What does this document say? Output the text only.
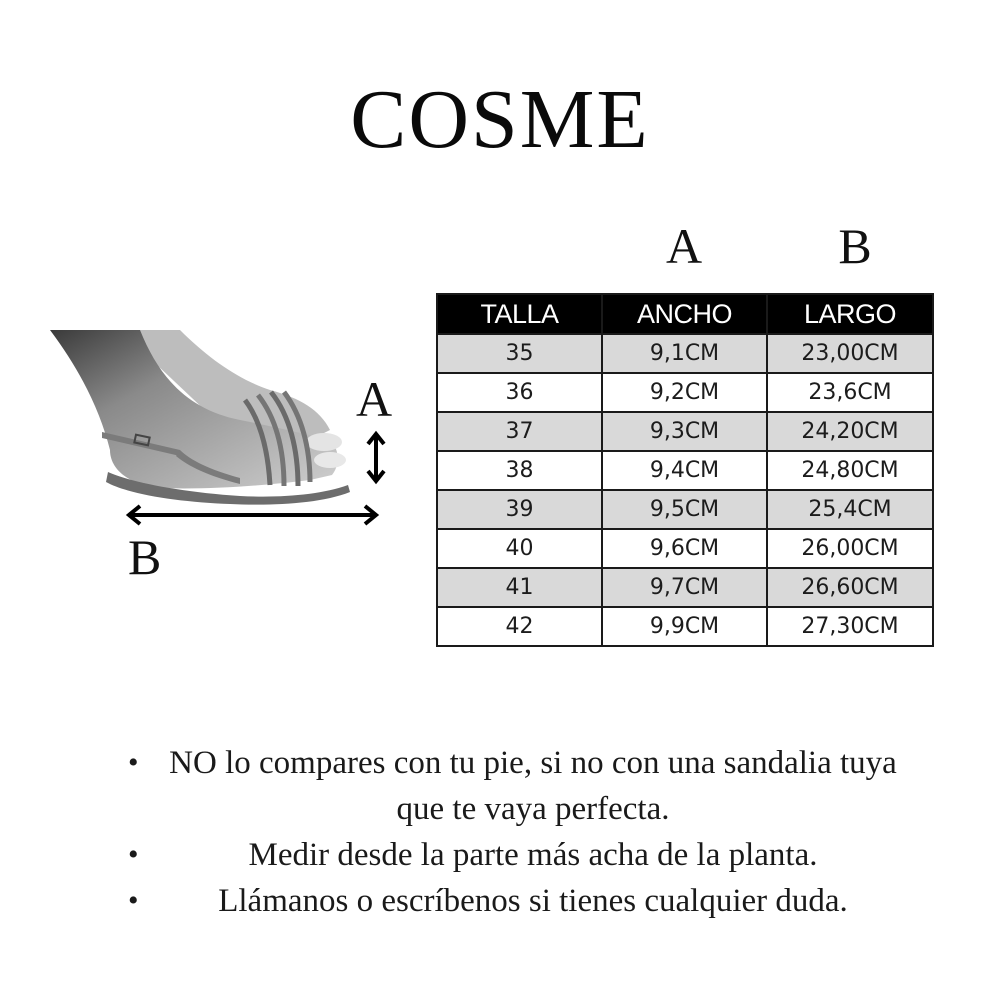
COSME
A	B
A
B
TALLA	ANCHO	LARGO
35	9,1CM	23,00CM
36	9,2CM	23,6CM
37	9,3CM	24,20CM
38	9,4CM	24,80CM
39	9,5CM	25,4CM
40	9,6CM	26,00CM
41	9,7CM	26,60CM
42	9,9CM	27,30CM
• NO lo compares con tu pie, si no con una sandalia tuya que te vaya perfecta.
•	Medir desde la parte más acha de la planta.
• Llámanos o escríbenos si tienes cualquier duda.
